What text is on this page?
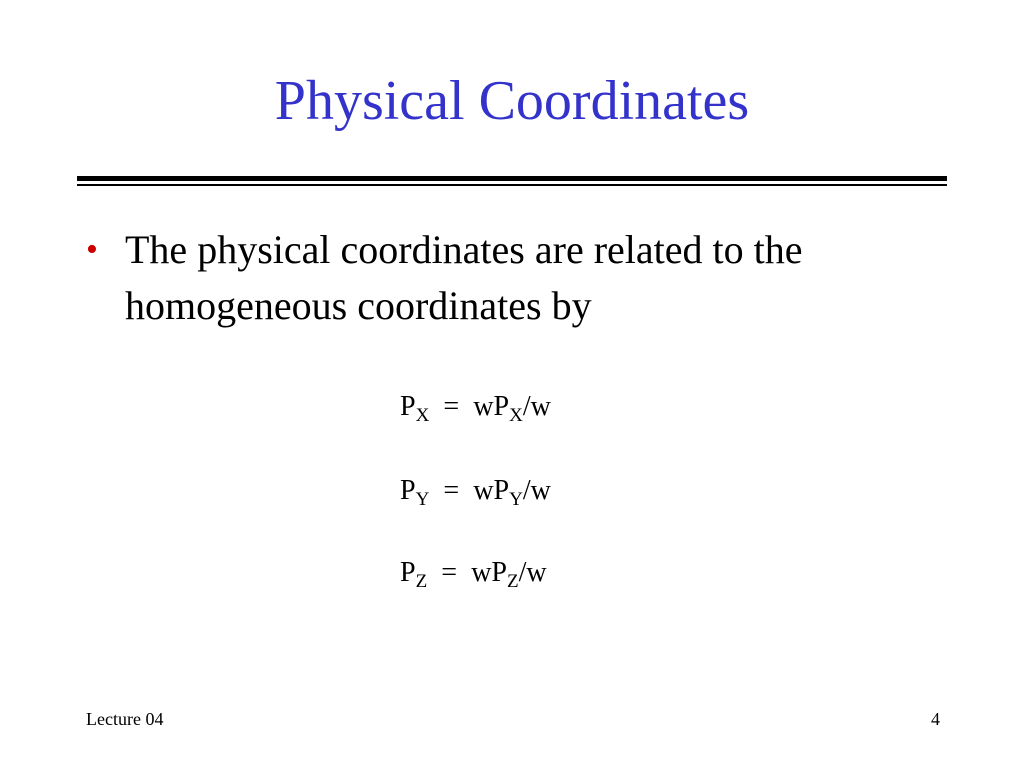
Physical Coordinates
• The physical coordinates are related to the homogeneous coordinates by
$P_X = wP_X/w$
$P_Y = wP_Y/w$
$P_Z = wP_Z/w$
Lecture 04	4
